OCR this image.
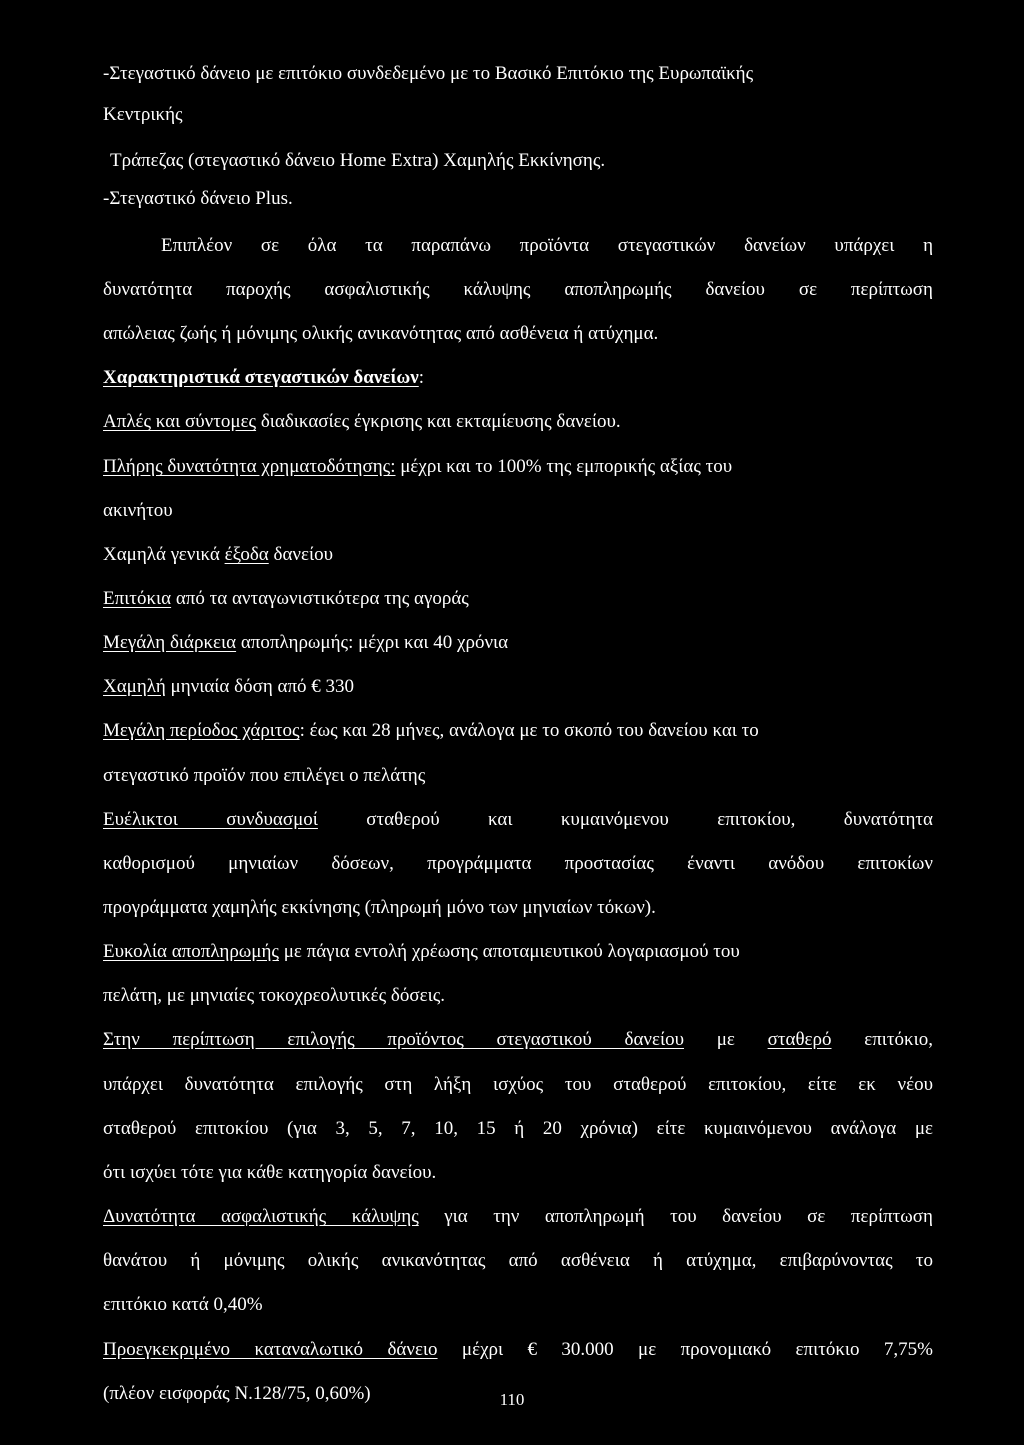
-Στεγαστικό δάνειο με επιτόκιο συνδεδεμένο με το Βασικό Επιτόκιο της Ευρωπαϊκής
Κεντρικής
Τράπεζας (στεγαστικό δάνειο Home Extra) Χαμηλής Εκκίνησης.
-Στεγαστικό δάνειο Plus.
Επιπλέον σε όλα τα παραπάνω προϊόντα στεγαστικών δανείων υπάρχει η
δυνατότητα παροχής ασφαλιστικής κάλυψης αποπληρωμής δανείου σε περίπτωση
απώλειας ζωής ή μόνιμης ολικής ανικανότητας από ασθένεια ή ατύχημα.
Χαρακτηριστικά στεγαστικών δανείων:
Απλές και σύντομες διαδικασίες έγκρισης και εκταμίευσης δανείου.
Πλήρης δυνατότητα χρηματοδότησης: μέχρι και το 100% της εμπορικής αξίας του
ακινήτου
Χαμηλά γενικά έξοδα δανείου
Επιτόκια από τα ανταγωνιστικότερα της αγοράς
Μεγάλη διάρκεια αποπληρωμής: μέχρι και 40 χρόνια
Χαμηλή μηνιαία δόση από € 330
Μεγάλη περίοδος χάριτος: έως και 28 μήνες, ανάλογα με το σκοπό του δανείου και το
στεγαστικό προϊόν που επιλέγει ο πελάτης
Ευέλικτοι συνδυασμοί σταθερού και κυμαινόμενου επιτοκίου, δυνατότητα
καθορισμού μηνιαίων δόσεων, προγράμματα προστασίας έναντι ανόδου επιτοκίων
προγράμματα χαμηλής εκκίνησης (πληρωμή μόνο των μηνιαίων τόκων).
Ευκολία αποπληρωμής με πάγια εντολή χρέωσης αποταμιευτικού λογαριασμού του
πελάτη, με μηνιαίες τοκοχρεολυτικές δόσεις.
Στην περίπτωση επιλογής προϊόντος στεγαστικού δανείου με σταθερό επιτόκιο,
υπάρχει δυνατότητα επιλογής στη λήξη ισχύος του σταθερού επιτοκίου, είτε εκ νέου
σταθερού επιτοκίου (για 3, 5, 7, 10, 15 ή 20 χρόνια) είτε κυμαινόμενου ανάλογα με
ότι ισχύει τότε για κάθε κατηγορία δανείου.
Δυνατότητα ασφαλιστικής κάλυψης για την αποπληρωμή του δανείου σε περίπτωση
θανάτου ή μόνιμης ολικής ανικανότητας από ασθένεια ή ατύχημα, επιβαρύνοντας το
επιτόκιο κατά 0,40%
Προεγκεκριμένο καταναλωτικό δάνειο μέχρι € 30.000 με προνομιακό επιτόκιο 7,75%
(πλέον εισφοράς Ν.128/75, 0,60%)	110
